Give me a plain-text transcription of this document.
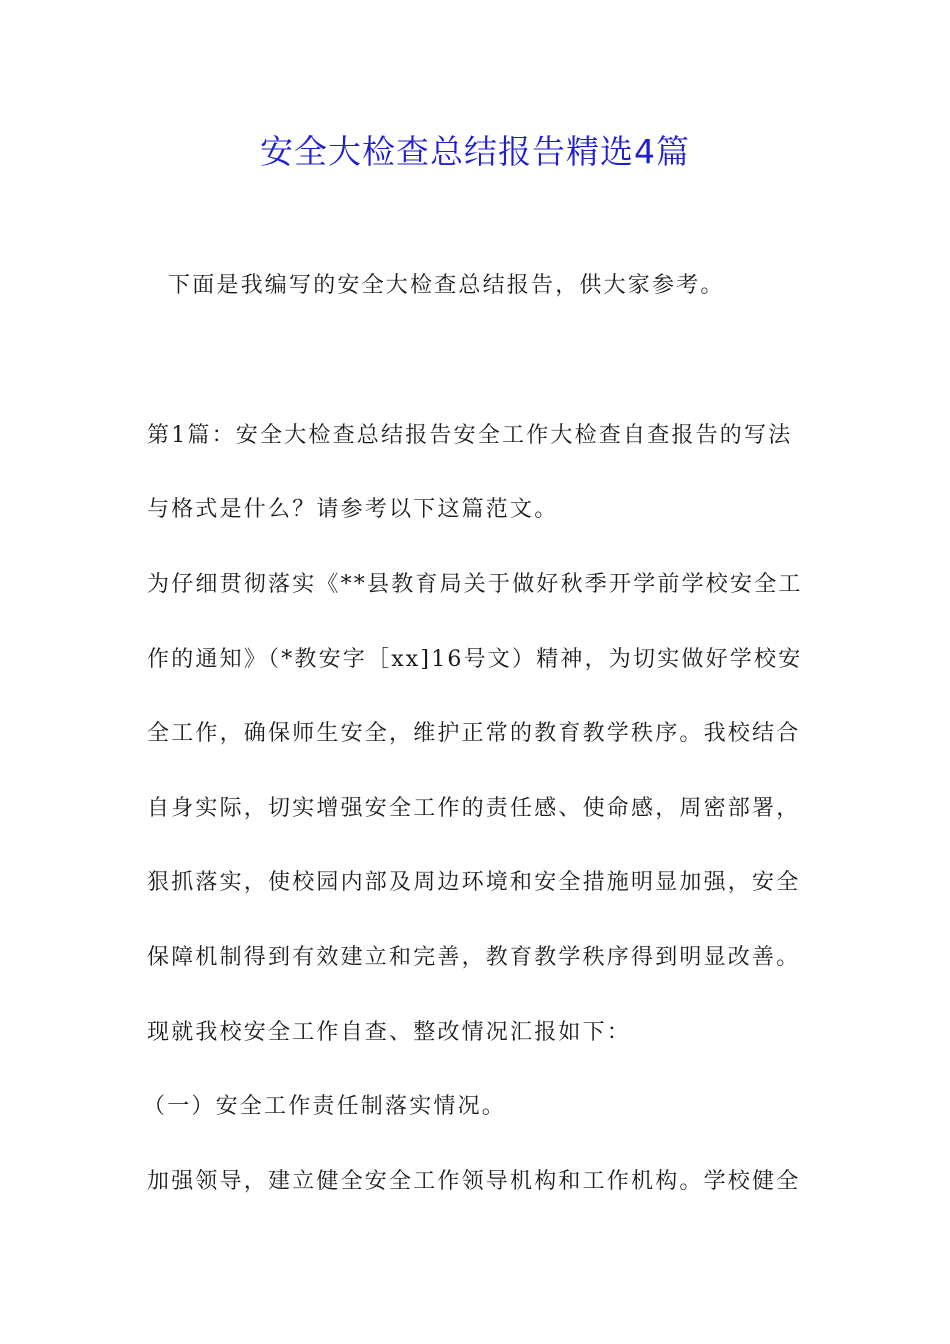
安全大检查总结报告精选4篇
下面是我编写的安全大检查总结报告，供大家参考。
第1篇：安全大检查总结报告安全工作大检查自查报告的写法
与格式是什么？请参考以下这篇范文。
为仔细贯彻落实《**县教育局关于做好秋季开学前学校安全工
作的通知》（*教安字［xx]16号文）精神，为切实做好学校安
全工作，确保师生安全，维护正常的教育教学秩序。我校结合
自身实际，切实增强安全工作的责任感、使命感，周密部署，
狠抓落实，使校园内部及周边环境和安全措施明显加强，安全
保障机制得到有效建立和完善，教育教学秩序得到明显改善。
现就我校安全工作自查、整改情况汇报如下：
（一）安全工作责任制落实情况。
加强领导，建立健全安全工作领导机构和工作机构。学校健全
